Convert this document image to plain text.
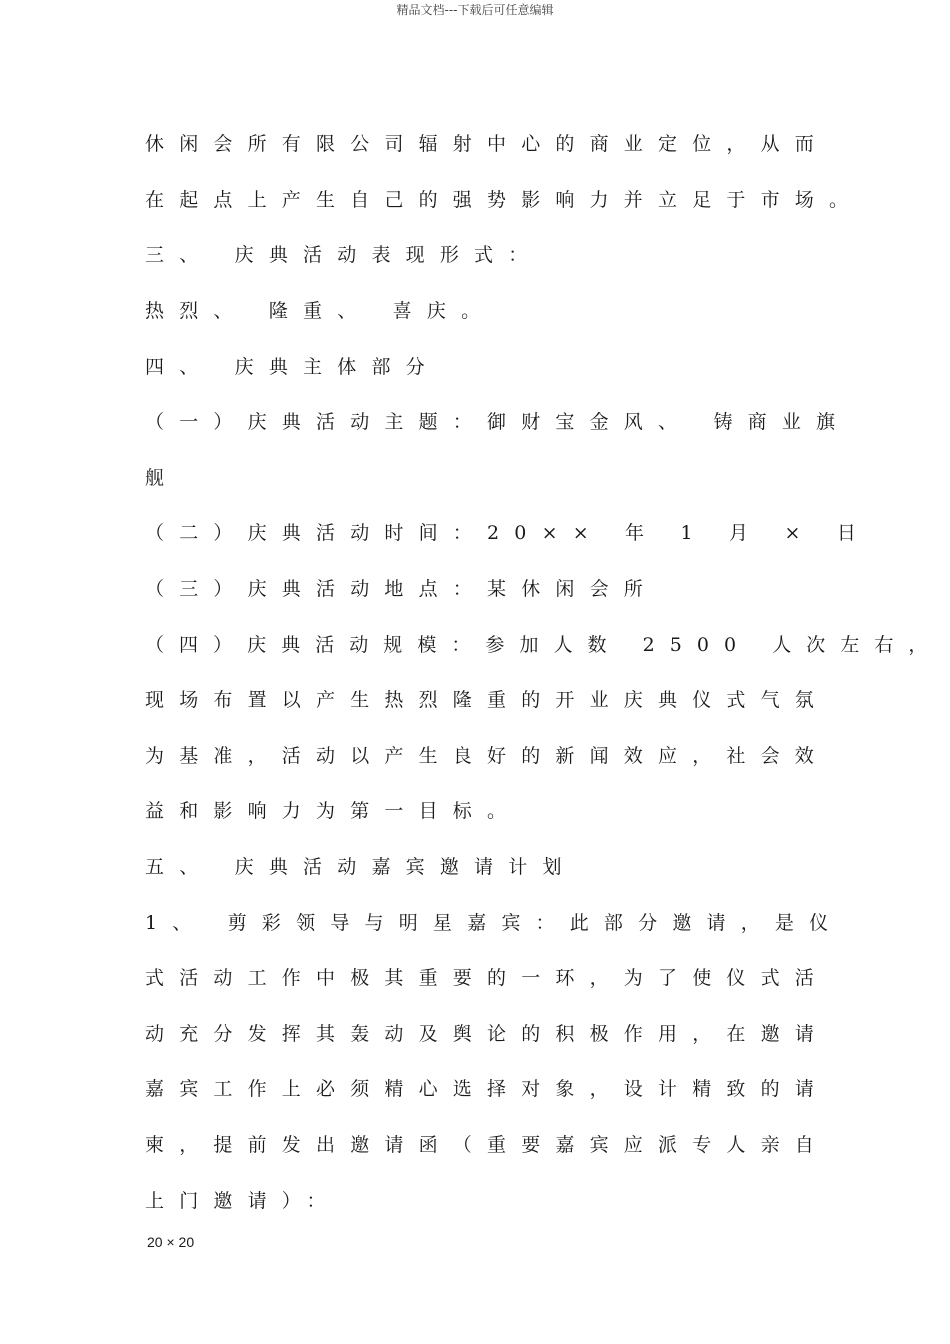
精品文档---下载后可任意编辑
休闲会所有限公司辐射中心的商业定位，从而
在起点上产生自己的强势影响力并立足于市场。
三、 庆典活动表现形式：
热烈、 隆重、 喜庆。
四、 庆典主体部分
（一）庆典活动主题：御财宝金风、 铸商业旗
舰
（二）庆典活动时间：20×× 年 1 月 × 日
（三）庆典活动地点：某休闲会所
（四）庆典活动规模：参加人数 2500 人次左右，
现场布置以产生热烈隆重的开业庆典仪式气氛
为基准，活动以产生良好的新闻效应，社会效
益和影响力为第一目标。
五、 庆典活动嘉宾邀请计划
1、 剪彩领导与明星嘉宾：此部分邀请，是仪
式活动工作中极其重要的一环，为了使仪式活
动充分发挥其轰动及舆论的积极作用，在邀请
嘉宾工作上必须精心选择对象，设计精致的请
柬，提前发出邀请函（重要嘉宾应派专人亲自
上门邀请）：
20 × 20
